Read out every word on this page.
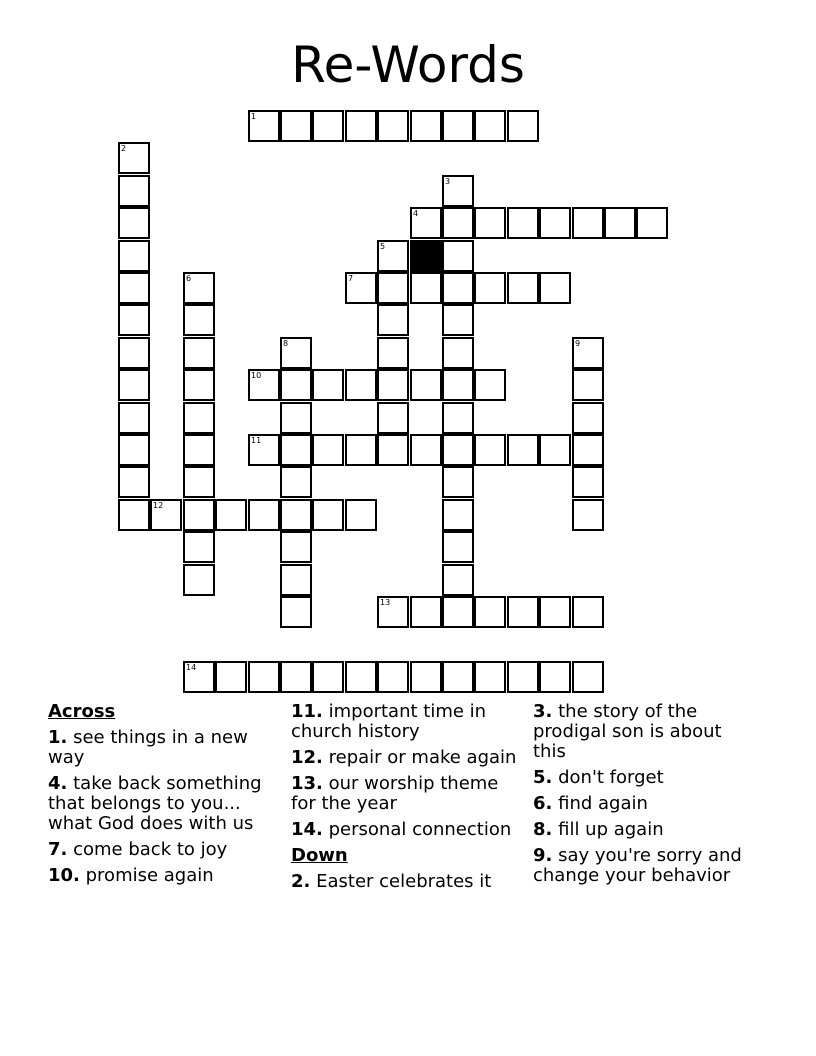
Re-Words
1
2
3
4
5
6	7
8	9
10
11
12
13
14
Across
1. see things in a new way
4. take back something that belongs to you... what God does with us
7. come back to joy
10. promise again
11. important time in church history
12. repair or make again
13. our worship theme for the year
14. personal connection
Down
2. Easter celebrates it
3. the story of the prodigal son is about this
5. don't forget
6. find again
8. fill up again
9. say you're sorry and change your behavior
